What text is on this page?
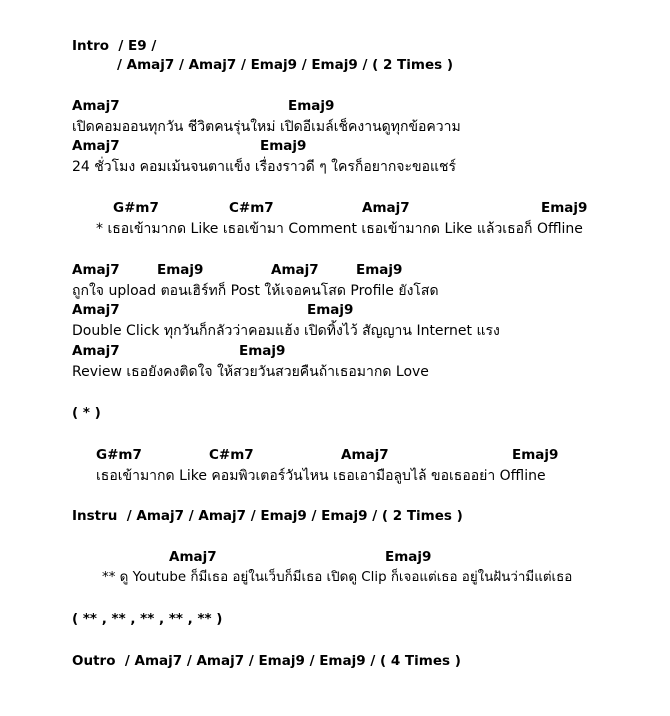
Intro  / E9 /
/ Amaj7 / Amaj7 / Emaj9 / Emaj9 / ( 2 Times )
Amaj7	Emaj9
เปิดคอมออนทุกวัน ชีวิตคนรุ่นใหม่ เปิดอีเมล์เช็คงานดูทุกข้อความ
Amaj7	Emaj9
24 ชั่วโมง คอมเม้นจนตาแข็ง เรื่องราวดี ๆ ใครก็อยากจะขอแชร์
G#m7	C#m7	Amaj7	Emaj9
* เธอเข้ามากด Like เธอเข้ามา Comment เธอเข้ามากด Like แล้วเธอก็ Offline
Amaj7	Emaj9	Amaj7	Emaj9
ถูกใจ upload ตอนเฮิร์ทก็ Post ให้เจอคนโสด Profile ยังโสด
Amaj7	Emaj9
Double Click ทุกวันก็กลัวว่าคอมแฮ้ง เปิดทิ้งไว้ สัญญาน Internet แรง
Amaj7	Emaj9
Review เธอยังคงติดใจ ให้สวยวันสวยคืนถ้าเธอมากด Love
( * )
G#m7	C#m7	Amaj7	Emaj9
เธอเข้ามากด Like คอมพิวเตอร์วันไหน เธอเอามือลูบไล้ ขอเธออย่า Offline
Instru  / Amaj7 / Amaj7 / Emaj9 / Emaj9 / ( 2 Times )
Amaj7	Emaj9
** ดู Youtube ก็มีเธอ อยู่ในเว็บก็มีเธอ เปิดดู Clip ก็เจอแต่เธอ อยู่ในฝันว่ามีแต่เธอ
( ** , ** , ** , ** , ** )
Outro  / Amaj7 / Amaj7 / Emaj9 / Emaj9 / ( 4 Times )
